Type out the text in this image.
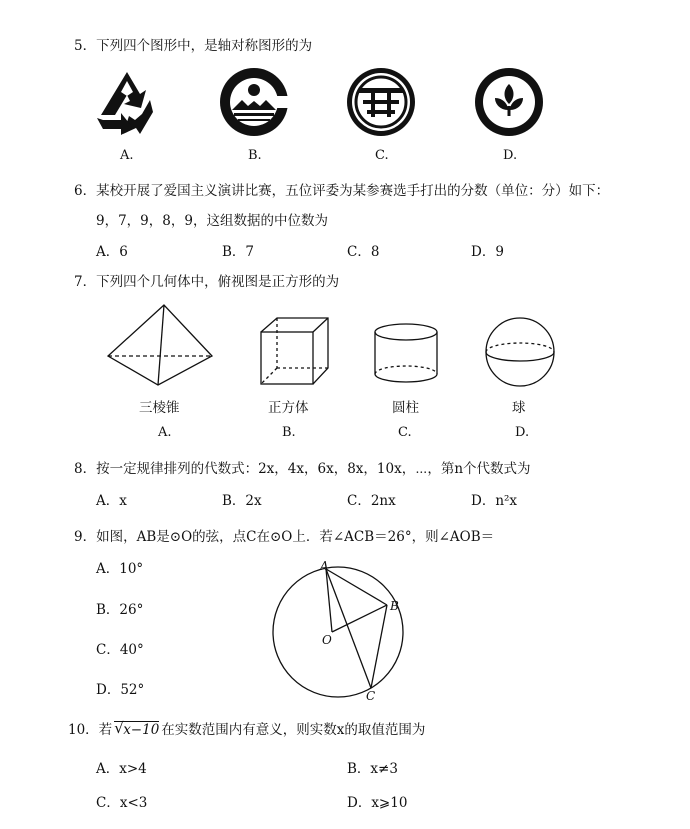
5．下列四个图形中，是轴对称图形的为
A.	B.	C.	D.
6．某校开展了爱国主义演讲比赛，五位评委为某参赛选手打出的分数（单位：分）如下：
9，7，9，8，9，这组数据的中位数为
A．6	B．7	C．8	D．9
7．下列四个几何体中，俯视图是正方形的为
三棱锥	正方体	圆柱	球
A.	B.	C.	D.
8．按一定规律排列的代数式：2x，4x，6x，8x，10x，⋯，第n个代数式为
A．x	B．2x	C．2nx	D．n²x
9．如图，AB是⊙O的弦，点C在⊙O上．若∠ACB＝26°，则∠AOB＝
A．10°
B．26°
C．40°
D．52°
A
B
O
C
10．若 √ x−10 在实数范围内有意义，则实数x的取值范围为
A．x>4	B．x≠3
C．x<3	D．x⩾10
